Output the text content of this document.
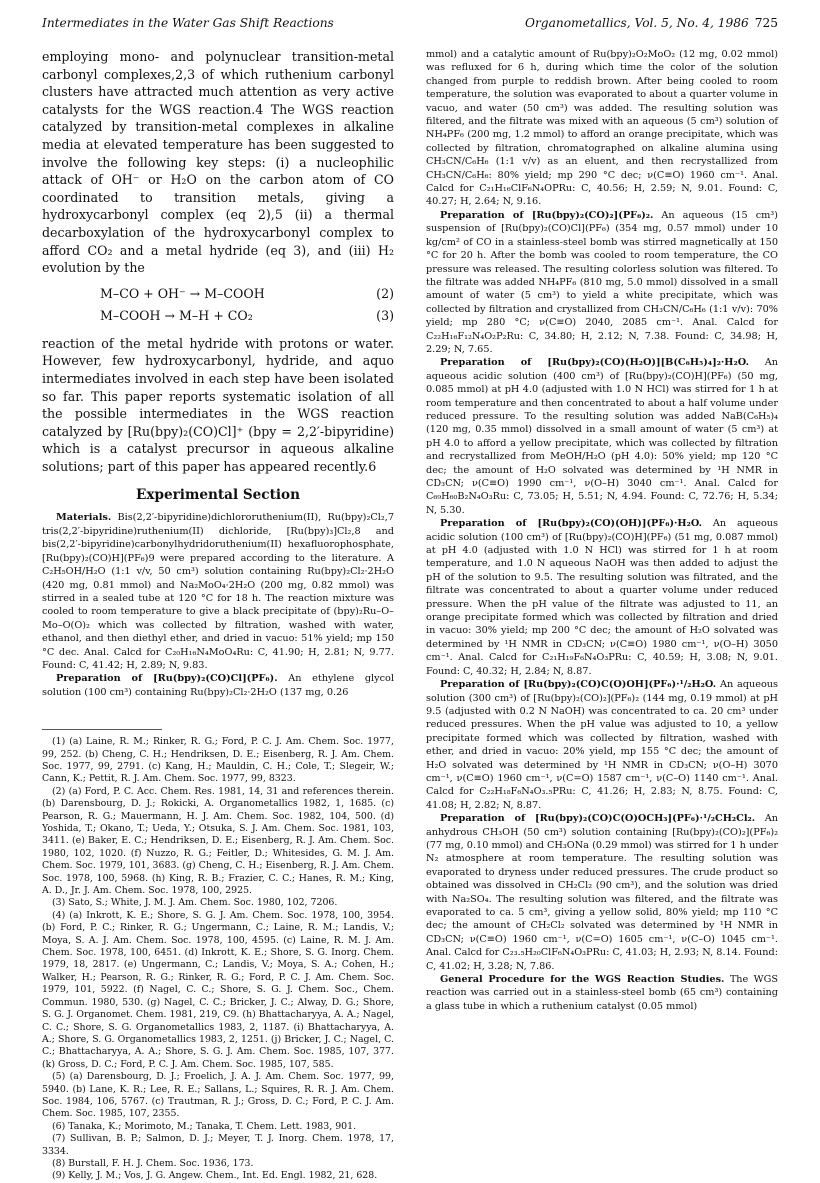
Intermediates in the Water Gas Shift Reactions	Organometallics, Vol. 5, No. 4, 1986 725

employing mono- and polynuclear transition-metal carbonyl complexes,2,3 of which ruthenium carbonyl clusters have attracted much attention as very active catalysts for the WGS reaction.4 The WGS reaction catalyzed by transition-metal complexes in alkaline media at elevated temperature has been suggested to involve the following key steps: (i) a nucleophilic attack of OH⁻ or H₂O on the carbon atom of CO coordinated to transition metals, giving a hydroxycarbonyl complex (eq 2),5 (ii) a thermal decarboxylation of the hydroxycarbonyl complex to afford CO₂ and a metal hydride (eq 3), and (iii) H₂ evolution by the

M–CO + OH⁻ → M–COOH	(2)
M–COOH → M–H + CO₂	(3)

reaction of the metal hydride with protons or water. However, few hydroxycarbonyl, hydride, and aquo intermediates involved in each step have been isolated so far. This paper reports systematic isolation of all the possible intermediates in the WGS reaction catalyzed by [Ru(bpy)₂(CO)Cl]⁺ (bpy = 2,2′-bipyridine) which is a catalyst precursor in aqueous alkaline solutions; part of this paper has appeared recently.6

Experimental Section

Materials. Bis(2,2′-bipyridine)dichlororuthenium(II), Ru(bpy)₂Cl₂,7 tris(2,2′-bipyridine)ruthenium(II) dichloride, [Ru(bpy)₃]Cl₂,8 and bis(2,2′-bipyridine)carbonylhydridoruthenium(II) hexafluorophosphate, [Ru(bpy)₂(CO)H](PF₆)9 were prepared according to the literature. A C₂H₅OH/H₂O (1:1 v/v, 50 cm³) solution containing Ru(bpy)₂Cl₂·2H₂O (420 mg, 0.81 mmol) and Na₂MoO₄·2H₂O (200 mg, 0.82 mmol) was stirred in a sealed tube at 120 °C for 18 h. The reaction mixture was cooled to room temperature to give a black precipitate of (bpy)₂Ru–O–Mo–O(O)₂ which was collected by filtration, washed with water, ethanol, and then diethyl ether, and dried in vacuo: 51% yield; mp 150 °C dec. Anal. Calcd for C₂₀H₁₆N₄MoO₄Ru: C, 41.90; H, 2.81; N, 9.77. Found: C, 41.42; H, 2.89; N, 9.83.

Preparation of [Ru(bpy)₂(CO)Cl](PF₆). An ethylene glycol solution (100 cm³) containing Ru(bpy)₂Cl₂·2H₂O (137 mg, 0.26

(1) (a) Laine, R. M.; Rinker, R. G.; Ford, P. C. J. Am. Chem. Soc. 1977, 99, 252. (b) Cheng, C. H.; Hendriksen, D. E.; Eisenberg, R. J. Am. Chem. Soc. 1977, 99, 2791. (c) Kang, H.; Mauldin, C. H.; Cole, T.; Slegeir, W.; Cann, K.; Pettit, R. J. Am. Chem. Soc. 1977, 99, 8323.

(2) (a) Ford, P. C. Acc. Chem. Res. 1981, 14, 31 and references therein. (b) Darensbourg, D. J.; Rokicki, A. Organometallics 1982, 1, 1685. (c) Pearson, R. G.; Mauermann, H. J. Am. Chem. Soc. 1982, 104, 500. (d) Yoshida, T.; Okano, T.; Ueda, Y.; Otsuka, S. J. Am. Chem. Soc. 1981, 103, 3411. (e) Baker, E. C.; Hendriksen, D. E.; Eisenberg, R. J. Am. Chem. Soc. 1980, 102, 1020. (f) Nuzzo, R. G.; Feitler, D.; Whitesides, G. M. J. Am. Chem. Soc. 1979, 101, 3683. (g) Cheng, C. H.; Eisenberg, R. J. Am. Chem. Soc. 1978, 100, 5968. (h) King, R. B.; Frazier, C. C.; Hanes, R. M.; King, A. D., Jr. J. Am. Chem. Soc. 1978, 100, 2925.

(3) Sato, S.; White, J. M. J. Am. Chem. Soc. 1980, 102, 7206.

(4) (a) Inkrott, K. E.; Shore, S. G. J. Am. Chem. Soc. 1978, 100, 3954. (b) Ford, P. C.; Rinker, R. G.; Ungermann, C.; Laine, R. M.; Landis, V.; Moya, S. A. J. Am. Chem. Soc. 1978, 100, 4595. (c) Laine, R. M. J. Am. Chem. Soc. 1978, 100, 6451. (d) Inkrott, K. E.; Shore, S. G. Inorg. Chem. 1979, 18, 2817. (e) Ungermann, C.; Landis, V.; Moya, S. A.; Cohen, H.; Walker, H.; Pearson, R. G.; Rinker, R. G.; Ford, P. C. J. Am. Chem. Soc. 1979, 101, 5922. (f) Nagel, C. C.; Shore, S. G. J. Chem. Soc., Chem. Commun. 1980, 530. (g) Nagel, C. C.; Bricker, J. C.; Alway, D. G.; Shore, S. G. J. Organomet. Chem. 1981, 219, C9. (h) Bhattacharyya, A. A.; Nagel, C. C.; Shore, S. G. Organometallics 1983, 2, 1187. (i) Bhattacharyya, A. A.; Shore, S. G. Organometallics 1983, 2, 1251. (j) Bricker, J. C.; Nagel, C. C.; Bhattacharyya, A. A.; Shore, S. G. J. Am. Chem. Soc. 1985, 107, 377. (k) Gross, D. C.; Ford, P. C. J. Am. Chem. Soc. 1985, 107, 585.

(5) (a) Darensbourg, D. J.; Froelich, J. A. J. Am. Chem. Soc. 1977, 99, 5940. (b) Lane, K. R.; Lee, R. E.; Sallans, L.; Squires, R. R. J. Am. Chem. Soc. 1984, 106, 5767. (c) Trautman, R. J.; Gross, D. C.; Ford, P. C. J. Am. Chem. Soc. 1985, 107, 2355.

(6) Tanaka, K.; Morimoto, M.; Tanaka, T. Chem. Lett. 1983, 901.

(7) Sullivan, B. P.; Salmon, D. J.; Meyer, T. J. Inorg. Chem. 1978, 17, 3334.

(8) Burstall, F. H. J. Chem. Soc. 1936, 173.

(9) Kelly, J. M.; Vos, J. G. Angew. Chem., Int. Ed. Engl. 1982, 21, 628.

mmol) and a catalytic amount of Ru(bpy)₂O₂MoO₂ (12 mg, 0.02 mmol) was refluxed for 6 h, during which time the color of the solution changed from purple to reddish brown. After being cooled to room temperature, the solution was evaporated to about a quarter volume in vacuo, and water (50 cm³) was added. The resulting solution was filtered, and the filtrate was mixed with an aqueous (5 cm³) solution of NH₄PF₆ (200 mg, 1.2 mmol) to afford an orange precipitate, which was collected by filtration, chromatographed on alkaline alumina using CH₃CN/C₆H₆ (1:1 v/v) as an eluent, and then recrystallized from CH₃CN/C₆H₆: 80% yield; mp 290 °C dec; ν(C≡O) 1960 cm⁻¹. Anal. Calcd for C₂₁H₁₆ClF₆N₄OPRu: C, 40.56; H, 2.59; N, 9.01. Found: C, 40.27; H, 2.64; N, 9.16.

Preparation of [Ru(bpy)₂(CO)₂](PF₆)₂. An aqueous (15 cm³) suspension of [Ru(bpy)₂(CO)Cl](PF₆) (354 mg, 0.57 mmol) under 10 kg/cm² of CO in a stainless-steel bomb was stirred magnetically at 150 °C for 20 h. After the bomb was cooled to room temperature, the CO pressure was released. The resulting colorless solution was filtered. To the filtrate was added NH₄PF₆ (810 mg, 5.0 mmol) dissolved in a small amount of water (5 cm³) to yield a white precipitate, which was collected by filtration and crystallized from CH₃CN/C₆H₆ (1:1 v/v): 70% yield; mp 280 °C; ν(C≡O) 2040, 2085 cm⁻¹. Anal. Calcd for C₂₂H₁₆F₁₂N₄O₂P₂Ru: C, 34.80; H, 2.12; N, 7.38. Found: C, 34.98; H, 2.29; N, 7.65.

Preparation of [Ru(bpy)₂(CO)(H₂O)][B(C₆H₅)₄]₂·H₂O. An aqueous acidic solution (400 cm³) of [Ru(bpy)₂(CO)H](PF₆) (50 mg, 0.085 mmol) at pH 4.0 (adjusted with 1.0 N HCl) was stirred for 1 h at room temperature and then concentrated to about a half volume under reduced pressure. To the resulting solution was added NaB(C₆H₅)₄ (120 mg, 0.35 mmol) dissolved in a small amount of water (5 cm³) at pH 4.0 to afford a yellow precipitate, which was collected by filtration and recrystallized from MeOH/H₂O (pH 4.0): 50% yield; mp 120 °C dec; the amount of H₂O solvated was determined by ¹H NMR in CD₃CN; ν(C≡O) 1990 cm⁻¹, ν(O–H) 3040 cm⁻¹. Anal. Calcd for C₆₉H₆₀B₂N₄O₃Ru: C, 73.05; H, 5.51; N, 4.94. Found: C, 72.76; H, 5.34; N, 5.30.

Preparation of [Ru(bpy)₂(CO)(OH)](PF₆)·H₂O. An aqueous acidic solution (100 cm³) of [Ru(bpy)₂(CO)H](PF₆) (51 mg, 0.087 mmol) at pH 4.0 (adjusted with 1.0 N HCl) was stirred for 1 h at room temperature, and 1.0 N aqueous NaOH was then added to adjust the pH of the solution to 9.5. The resulting solution was filtrated, and the filtrate was concentrated to about a quarter volume under reduced pressure. When the pH value of the filtrate was adjusted to 11, an orange precipitate formed which was collected by filtration and dried in vacuo: 30% yield; mp 200 °C dec; the amount of H₂O solvated was determined by ¹H NMR in CD₃CN; ν(C≡O) 1980 cm⁻¹, ν(O–H) 3050 cm⁻¹. Anal. Calcd for C₂₁H₁₉F₆N₄O₃PRu: C, 40.59; H, 3.08; N, 9.01. Found: C, 40.32; H, 2.84; N, 8.87.

Preparation of [Ru(bpy)₂(CO)C(O)OH](PF₆)·¹/₂H₂O. An aqueous solution (300 cm³) of [Ru(bpy)₂(CO)₂](PF₆)₂ (144 mg, 0.19 mmol) at pH 9.5 (adjusted with 0.2 N NaOH) was concentrated to ca. 20 cm³ under reduced pressures. When the pH value was adjusted to 10, a yellow precipitate formed which was collected by filtration, washed with ether, and dried in vacuo: 20% yield, mp 155 °C dec; the amount of H₂O solvated was determined by ¹H NMR in CD₃CN; ν(O–H) 3070 cm⁻¹, ν(C≡O) 1960 cm⁻¹, ν(C=O) 1587 cm⁻¹, ν(C–O) 1140 cm⁻¹. Anal. Calcd for C₂₂H₁₈F₆N₄O₃.₅PRu: C, 41.26; H, 2.83; N, 8.75. Found: C, 41.08; H, 2.82; N, 8.87.

Preparation of [Ru(bpy)₂(CO)C(O)OCH₃](PF₆)·¹/₂CH₂Cl₂. An anhydrous CH₃OH (50 cm³) solution containing [Ru(bpy)₂(CO)₂](PF₆)₂ (77 mg, 0.10 mmol) and CH₃ONa (0.29 mmol) was stirred for 1 h under N₂ atmosphere at room temperature. The resulting solution was evaporated to dryness under reduced pressures. The crude product so obtained was dissolved in CH₂Cl₂ (90 cm³), and the solution was dried with Na₂SO₄. The resulting solution was filtered, and the filtrate was evaporated to ca. 5 cm³, giving a yellow solid, 80% yield; mp 110 °C dec; the amount of CH₂Cl₂ solvated was determined by ¹H NMR in CD₃CN; ν(C≡O) 1960 cm⁻¹, ν(C=O) 1605 cm⁻¹, ν(C–O) 1045 cm⁻¹. Anal. Calcd for C₂₃.₅H₂₀ClF₆N₄O₃PRu: C, 41.03; H, 2.93; N, 8.14. Found: C, 41.02; H, 3.28; N, 7.86.

General Procedure for the WGS Reaction Studies. The WGS reaction was carried out in a stainless-steel bomb (65 cm³) containing a glass tube in which a ruthenium catalyst (0.05 mmol)
